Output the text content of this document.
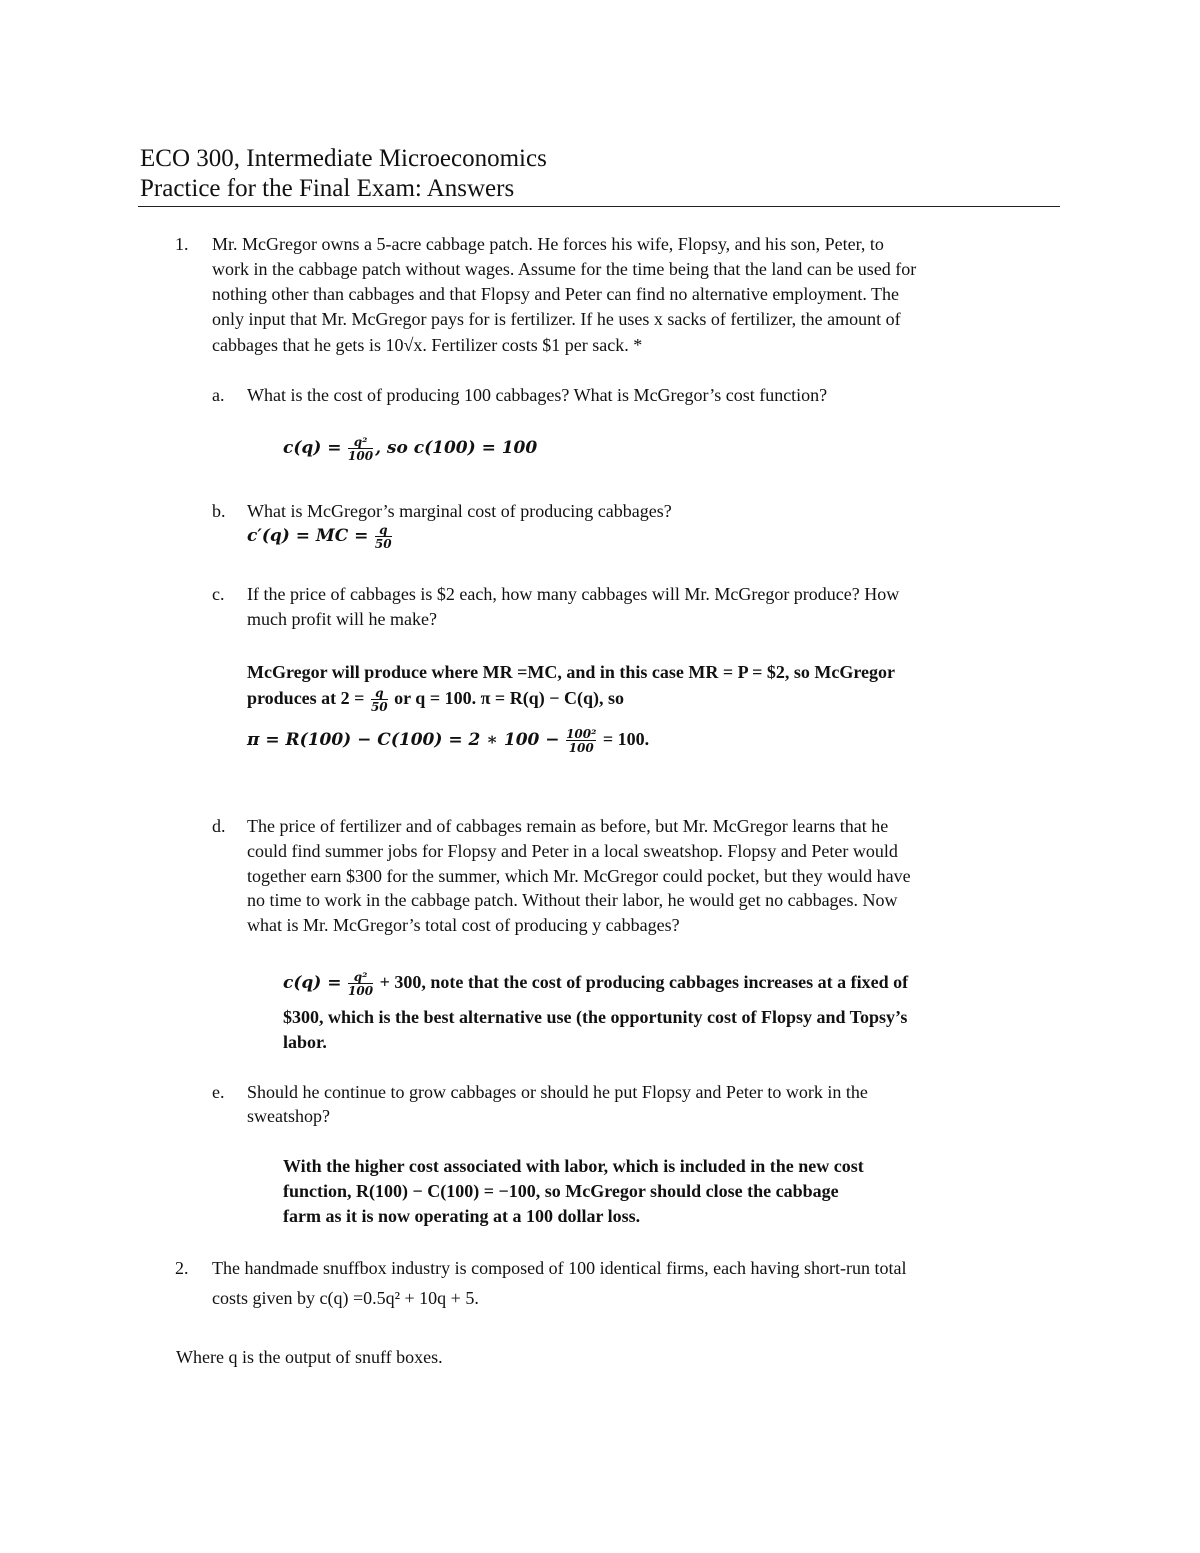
ECO 300, Intermediate Microeconomics
Practice for the Final Exam: Answers
1. Mr. McGregor owns a 5-acre cabbage patch. He forces his wife, Flopsy, and his son, Peter, to
work in the cabbage patch without wages. Assume for the time being that the land can be used for
nothing other than cabbages and that Flopsy and Peter can find no alternative employment. The
only input that Mr. McGregor pays for is fertilizer. If he uses x sacks of fertilizer, the amount of
cabbages that he gets is 10√x. Fertilizer costs $1 per sack. *
a. What is the cost of producing 100 cabbages? What is McGregor’s cost function?
$c(q) = \frac{\text{q²}}{100}$ , so c(100) = 100
b. What is McGregor’s marginal cost of producing cabbages?
c′(q) = MC = $\frac{q}{50}$
c. If the price of cabbages is $2 each, how many cabbages will Mr. McGregor produce? How
much profit will he make?
McGregor will produce where MR =MC, and in this case MR = P = $2, so McGregor
produces at $2 = \frac{q}{50}$ or q = 100. π = R(q) − C(q), so
π = R(100) − C(100) = 2 ∗ $100 - \frac{\text{100²}}{100} = 100$.
d. The price of fertilizer and of cabbages remain as before, but Mr. McGregor learns that he
could find summer jobs for Flopsy and Peter in a local sweatshop. Flopsy and Peter would
together earn $300 for the summer, which Mr. McGregor could pocket, but they would have
no time to work in the cabbage patch. Without their labor, he would get no cabbages. Now
what is Mr. McGregor’s total cost of producing y cabbages?
$c(q) = \frac{\text{q²}}{100} + 300$, note that the cost of producing cabbages increases at a fixed of
$300, which is the best alternative use (the opportunity cost of Flopsy and Topsy’s
labor.
e. Should he continue to grow cabbages or should he put Flopsy and Peter to work in the
sweatshop?
With the higher cost associated with labor, which is included in the new cost
function, R(100) − C(100) = −100, so McGregor should close the cabbage
farm as it is now operating at a 100 dollar loss.
2. The handmade snuffbox industry is composed of 100 identical firms, each having short-run total
costs given by c(q) =0.5q² + 10q + 5.
Where q is the output of snuff boxes.
